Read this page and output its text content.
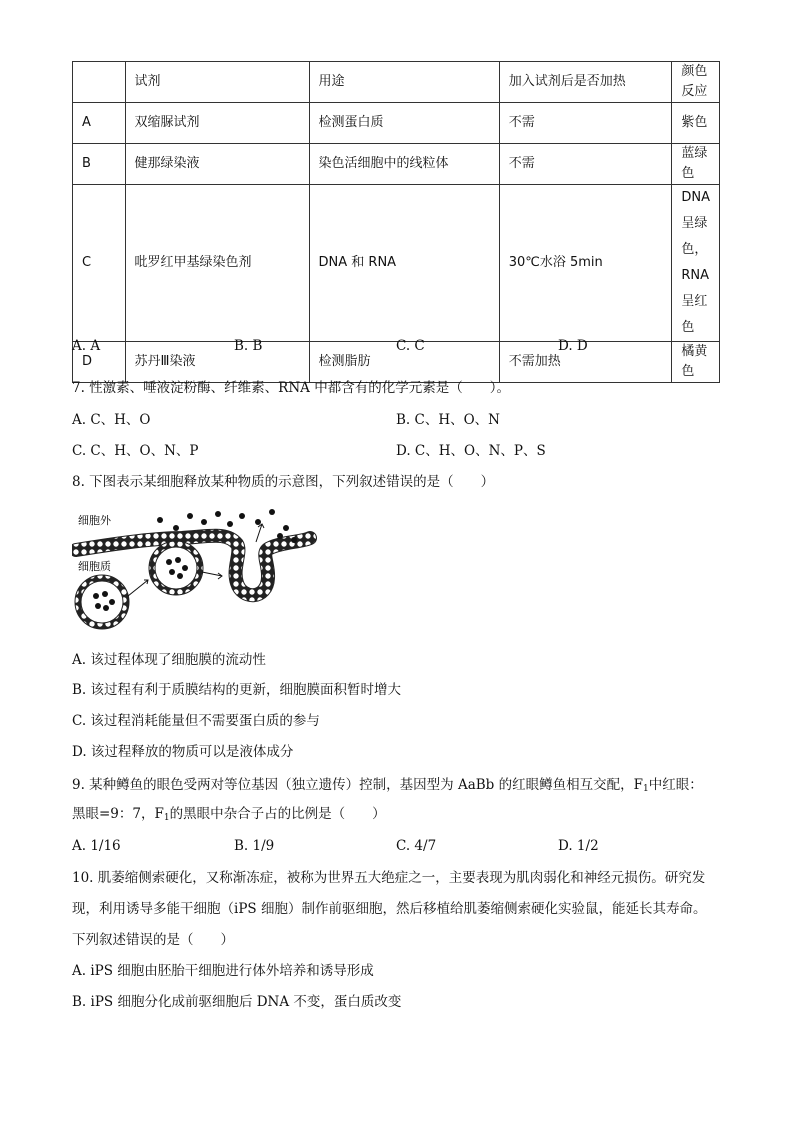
	试剂	用途	加入试剂后是否加热	颜色反应
A	双缩脲试剂	检测蛋白质	不需	紫色
B	健那绿染液	染色活细胞中的线粒体	不需	蓝绿色
C	吡罗红甲基绿染色剂	DNA 和 RNA	30℃水浴 5min	DNA 呈绿色，
RNA 呈红色

D	苏丹Ⅲ染液	检测脂肪	不需加热	橘黄色
A. A	B. B	C. C	D. D
7. 性激素、唾液淀粉酶、纤维素、RNA 中都含有的化学元素是（　　）。
A. C、H、O	B. C、H、O、N
C. C、H、O、N、P	D. C、H、O、N、P、S
8. 下图表示某细胞释放某种物质的示意图，下列叙述错误的是（　　）
细胞外
细胞质
A. 该过程体现了细胞膜的流动性
B. 该过程有利于质膜结构的更新，细胞膜面积暂时增大
C. 该过程消耗能量但不需要蛋白质的参与
D. 该过程释放的物质可以是液体成分
9. 某种鳟鱼的眼色受两对等位基因（独立遗传）控制，基因型为 AaBb 的红眼鳟鱼相互交配，$F_1$中红眼：
黑眼=9：7，$F_1$的黑眼中杂合子占的比例是（　　）
A. 1/16	B. 1/9	C. 4/7	D. 1/2
10. 肌萎缩侧索硬化，又称渐冻症，被称为世界五大绝症之一，主要表现为肌肉弱化和神经元损伤。研究发
现，利用诱导多能干细胞（iPS 细胞）制作前驱细胞，然后移植给肌萎缩侧索硬化实验鼠，能延长其寿命。
下列叙述错误的是（　　）
A. iPS 细胞由胚胎干细胞进行体外培养和诱导形成
B. iPS 细胞分化成前驱细胞后 DNA 不变，蛋白质改变
